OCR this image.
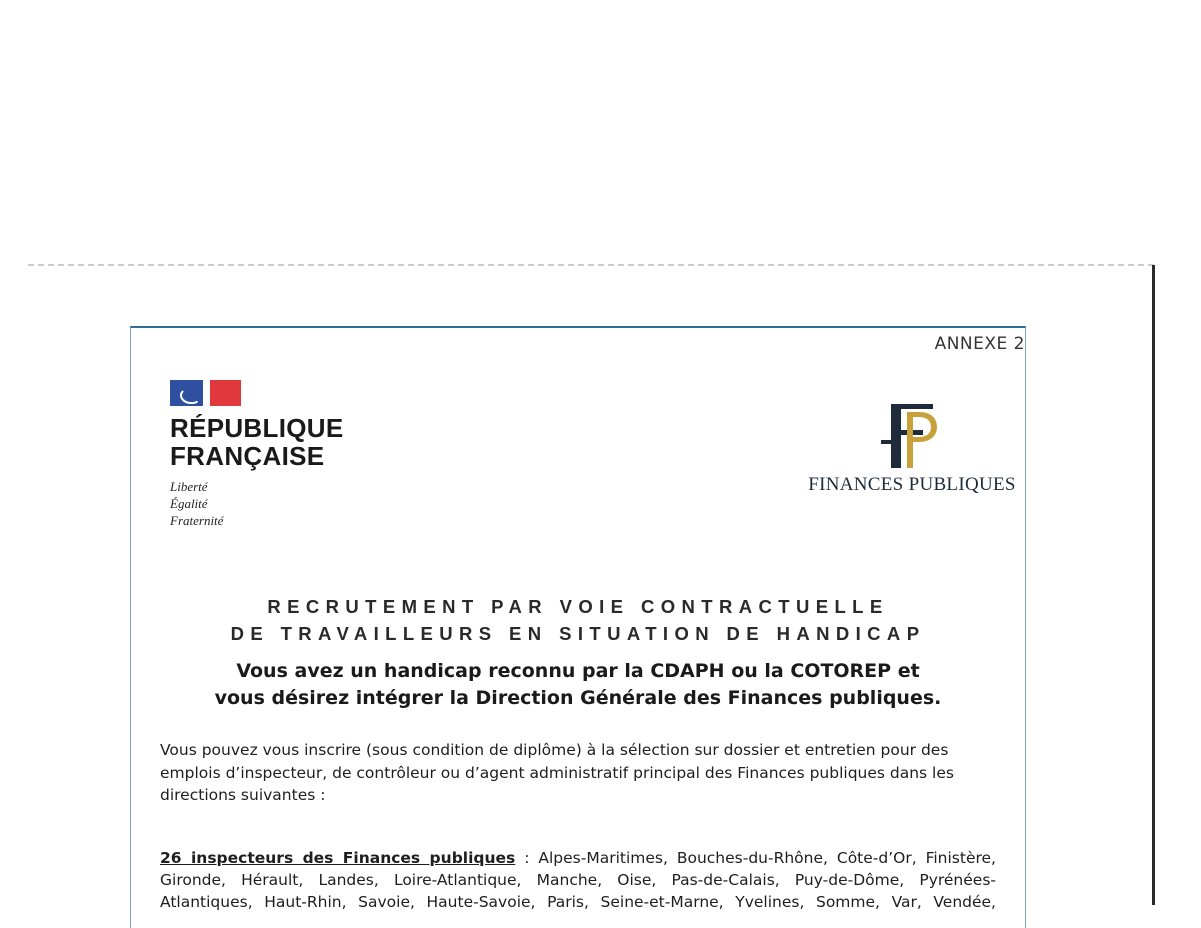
ANNEXE 2
RÉPUBLIQUE
FRANÇAISE
Liberté
Égalité
Fraternité
FINANCES PUBLIQUES
RECRUTEMENT PAR VOIE CONTRACTUELLE
DE TRAVAILLEURS EN SITUATION DE HANDICAP
Vous avez un handicap reconnu par la CDAPH ou la COTOREP et
vous désirez intégrer la Direction Générale des Finances publiques.
Vous pouvez vous inscrire (sous condition de diplôme) à la sélection sur dossier et entretien pour des
emplois d’inspecteur, de contrôleur ou d’agent administratif principal des Finances publiques dans les
directions suivantes :
26 inspecteurs des Finances publiques : Alpes-Maritimes, Bouches-du-Rhône, Côte-d’Or, Finistère,
Gironde, Hérault, Landes, Loire-Atlantique, Manche, Oise, Pas-de-Calais, Puy-de-Dôme, Pyrénées-
Atlantiques, Haut-Rhin, Savoie, Haute-Savoie, Paris, Seine-et-Marne, Yvelines, Somme, Var, Vendée,
